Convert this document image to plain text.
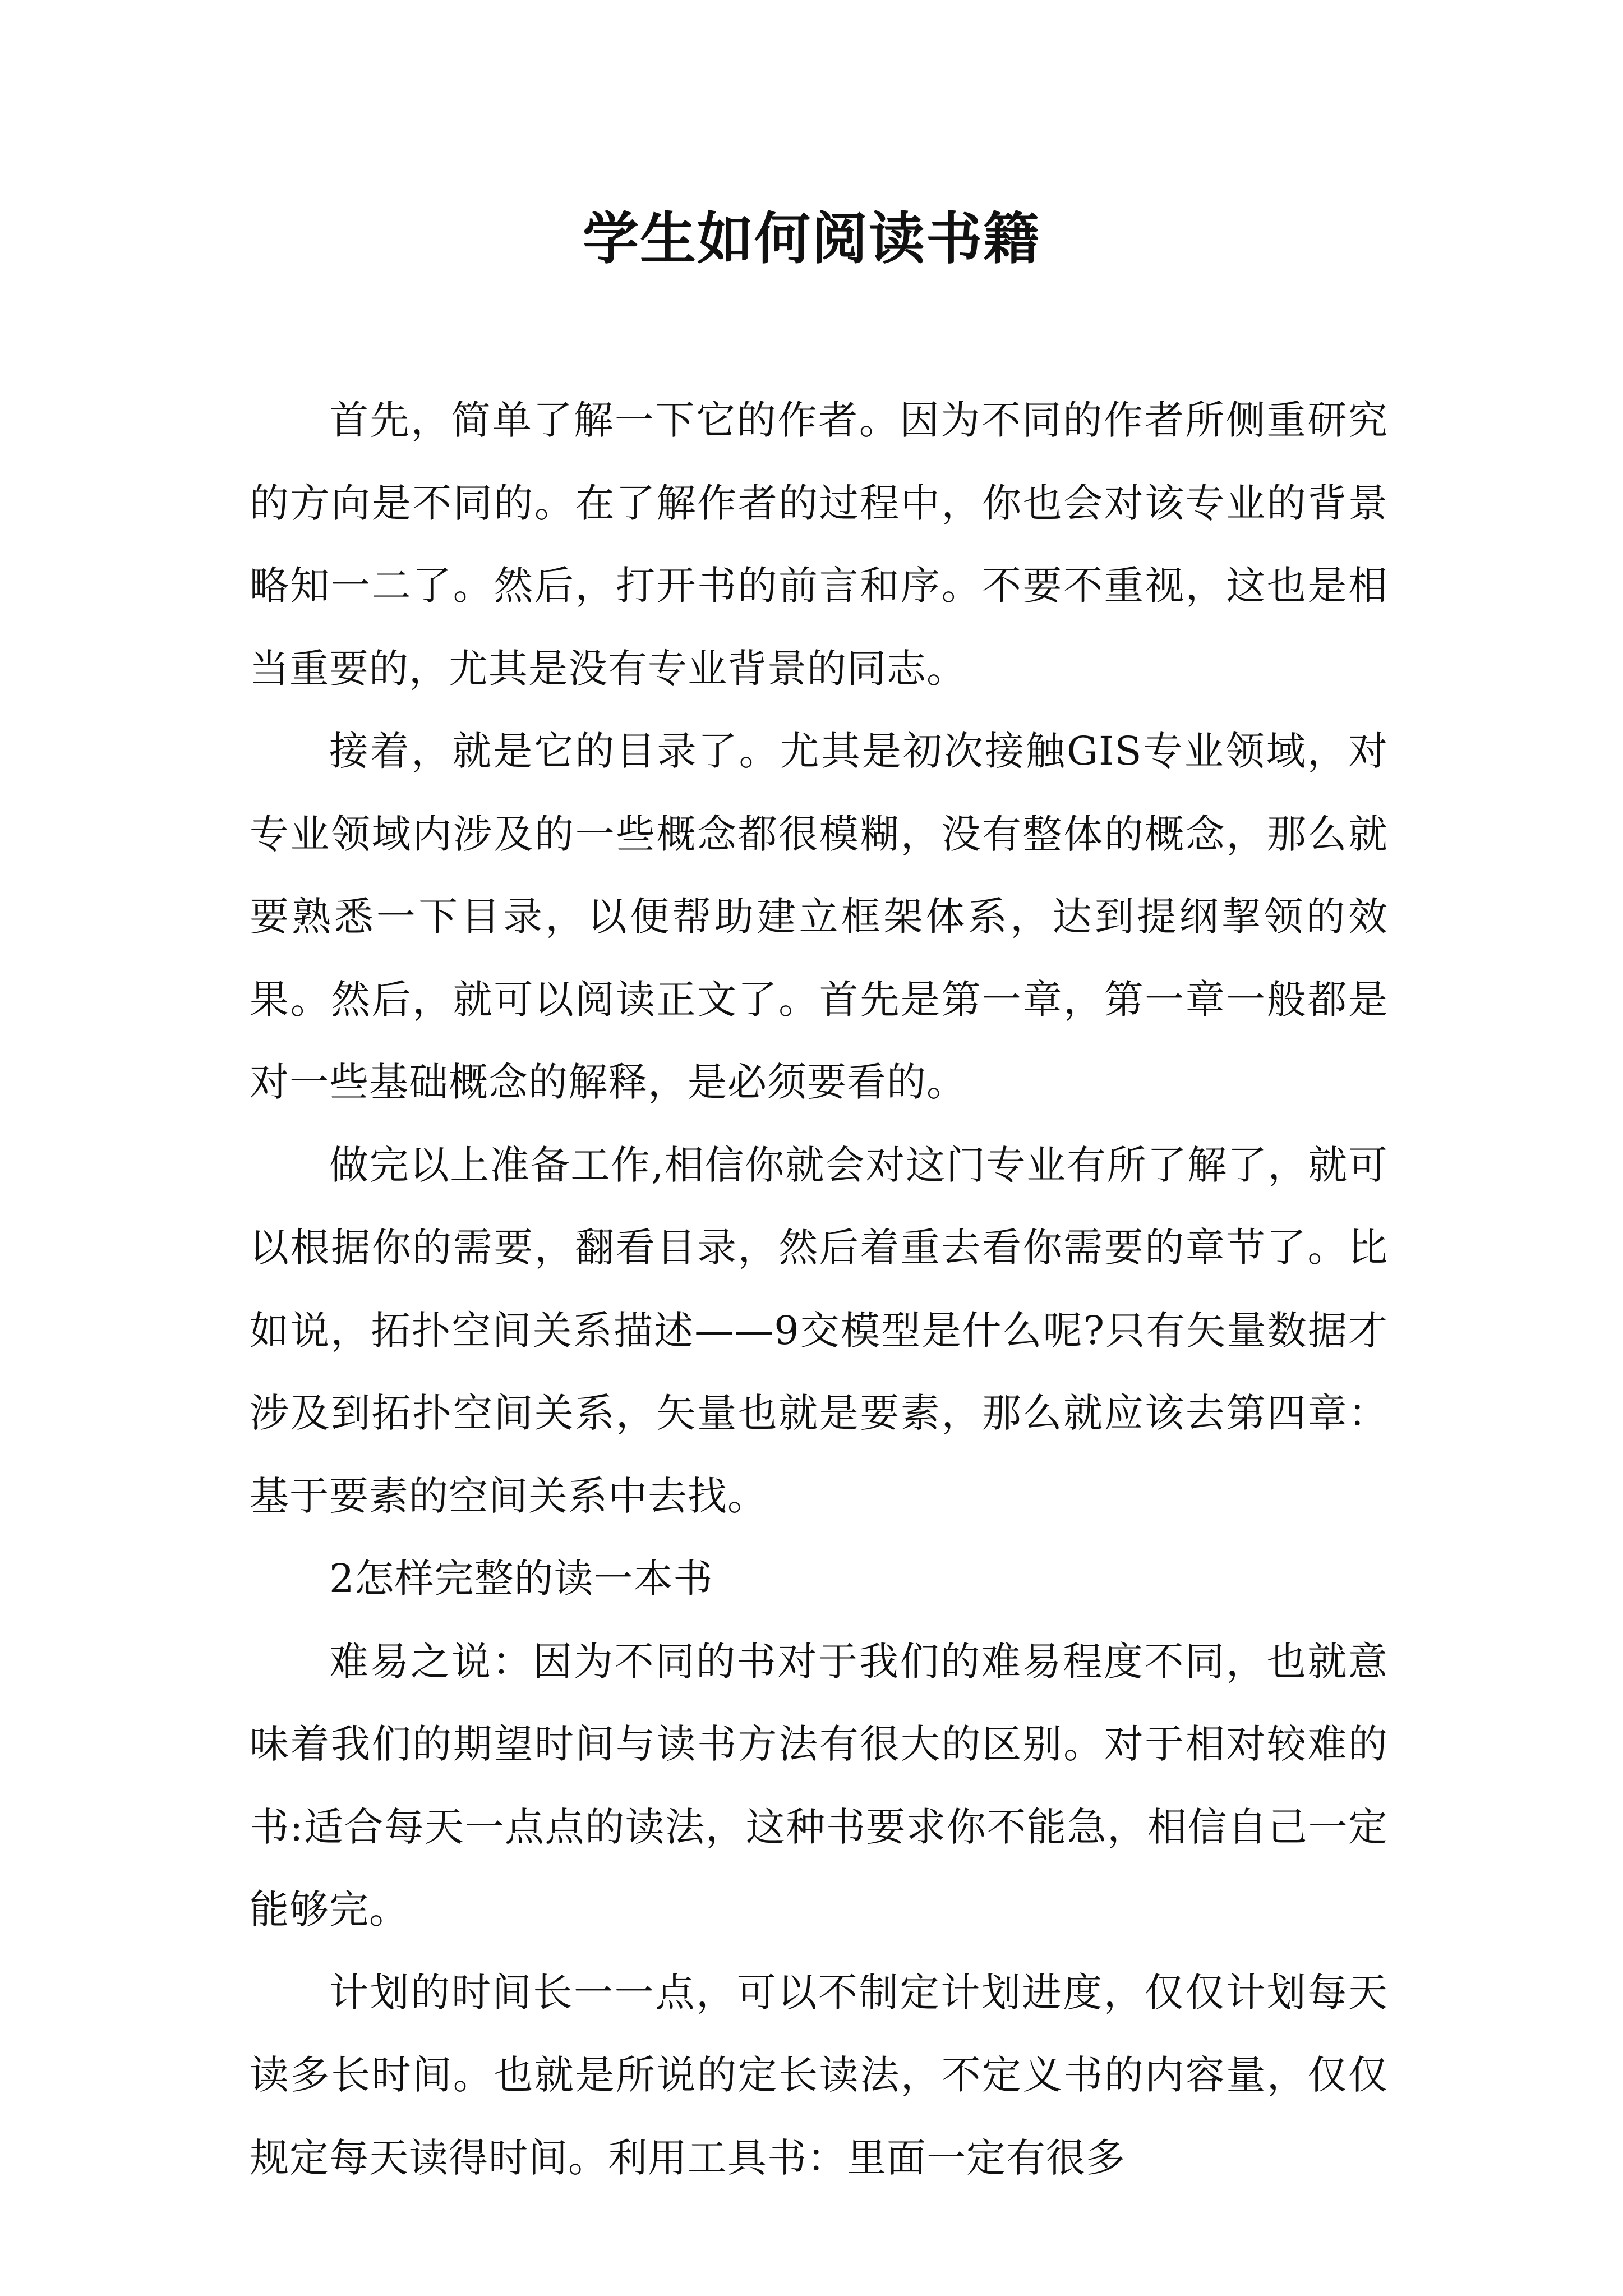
学生如何阅读书籍

首先，简单了解一下它的作者。因为不同的作者所侧重研究的方向是不同的。在了解作者的过程中，你也会对该专业的背景略知一二了。然后，打开书的前言和序。不要不重视，这也是相当重要的，尤其是没有专业背景的同志。

接着，就是它的目录了。尤其是初次接触GIS专业领域，对专业领域内涉及的一些概念都很模糊，没有整体的概念，那么就要熟悉一下目录，以便帮助建立框架体系，达到提纲挈领的效果。然后，就可以阅读正文了。首先是第一章，第一章一般都是对一些基础概念的解释，是必须要看的。

做完以上准备工作,相信你就会对这门专业有所了解了，就可以根据你的需要，翻看目录，然后着重去看你需要的章节了。比如说，拓扑空间关系描述——9交模型是什么呢?只有矢量数据才涉及到拓扑空间关系，矢量也就是要素，那么就应该去第四章：基于要素的空间关系中去找。

2怎样完整的读一本书

难易之说：因为不同的书对于我们的难易程度不同，也就意味着我们的期望时间与读书方法有很大的区别。对于相对较难的书:适合每天一点点的读法，这种书要求你不能急，相信自己一定能够完。

计划的时间长一一点，可以不制定计划进度，仅仅计划每天读多长时间。也就是所说的定长读法，不定义书的内容量，仅仅规定每天读得时间。利用工具书：里面一定有很多
